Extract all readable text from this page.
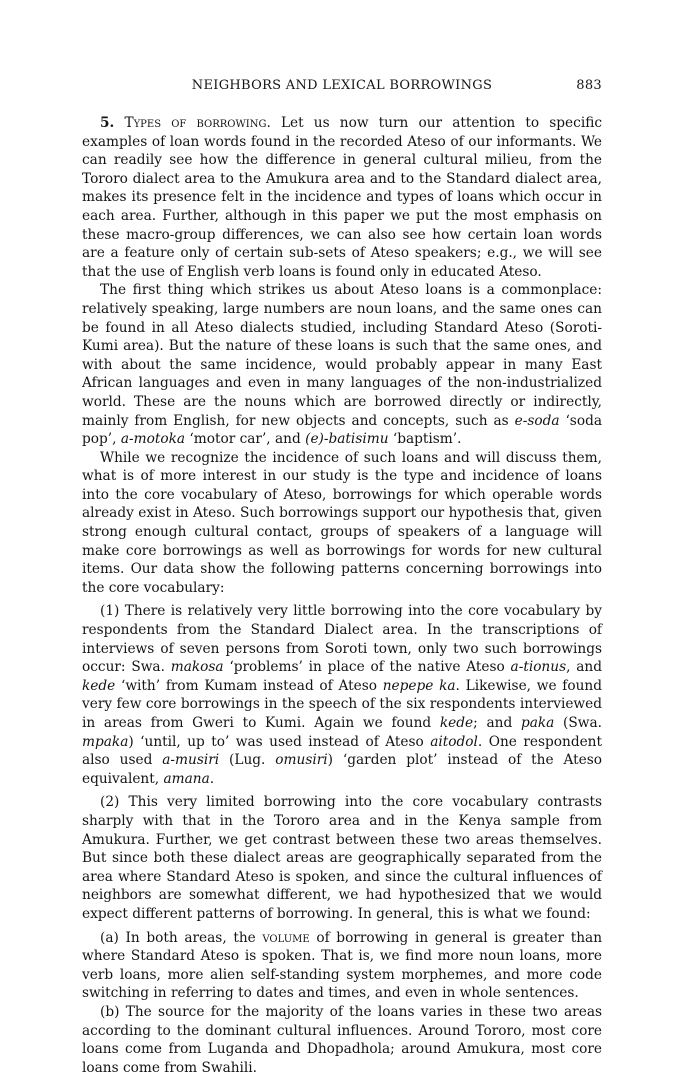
NEIGHBORS AND LEXICAL BORROWINGS	883

5. Types of borrowing. Let us now turn our attention to specific examples of loan words found in the recorded Ateso of our informants. We can readily see how the difference in general cultural milieu, from the Tororo dialect area to the Amukura area and to the Standard dialect area, makes its presence felt in the incidence and types of loans which occur in each area. Further, although in this paper we put the most emphasis on these macro-group differences, we can also see how certain loan words are a feature only of certain sub-sets of Ateso speakers; e.g., we will see that the use of English verb loans is found only in educated Ateso.

The first thing which strikes us about Ateso loans is a commonplace: relatively speaking, large numbers are noun loans, and the same ones can be found in all Ateso dialects studied, including Standard Ateso (Soroti-Kumi area). But the nature of these loans is such that the same ones, and with about the same incidence, would probably appear in many East African languages and even in many languages of the non-industrialized world. These are the nouns which are borrowed directly or indirectly, mainly from English, for new objects and concepts, such as e-soda ‘soda pop’, a-motoka ‘motor car’, and (e)-batisimu ‘baptism’.

While we recognize the incidence of such loans and will discuss them, what is of more interest in our study is the type and incidence of loans into the core vocabulary of Ateso, borrowings for which operable words already exist in Ateso. Such borrowings support our hypothesis that, given strong enough cultural contact, groups of speakers of a language will make core borrowings as well as borrowings for words for new cultural items. Our data show the following patterns concerning borrowings into the core vocabulary:

(1) There is relatively very little borrowing into the core vocabulary by respondents from the Standard Dialect area. In the transcriptions of interviews of seven persons from Soroti town, only two such borrowings occur: Swa. makosa ‘problems’ in place of the native Ateso a-tionus, and kede ‘with’ from Kumam instead of Ateso nepepe ka. Likewise, we found very few core borrowings in the speech of the six respondents interviewed in areas from Gweri to Kumi. Again we found kede; and paka (Swa. mpaka) ‘until, up to’ was used instead of Ateso aitodol. One respondent also used a-musiri (Lug. omusiri) ‘garden plot’ instead of the Ateso equivalent, amana.

(2) This very limited borrowing into the core vocabulary contrasts sharply with that in the Tororo area and in the Kenya sample from Amukura. Further, we get contrast between these two areas themselves. But since both these dialect areas are geographically separated from the area where Standard Ateso is spoken, and since the cultural influences of neighbors are somewhat different, we had hypothesized that we would expect different patterns of borrowing. In general, this is what we found:

(a) In both areas, the volume of borrowing in general is greater than where Standard Ateso is spoken. That is, we find more noun loans, more verb loans, more alien self-standing system morphemes, and more code switching in referring to dates and times, and even in whole sentences.

(b) The source for the majority of the loans varies in these two areas according to the dominant cultural influences. Around Tororo, most core loans come from Luganda and Dhopadhola; around Amukura, most core loans come from Swahili.
